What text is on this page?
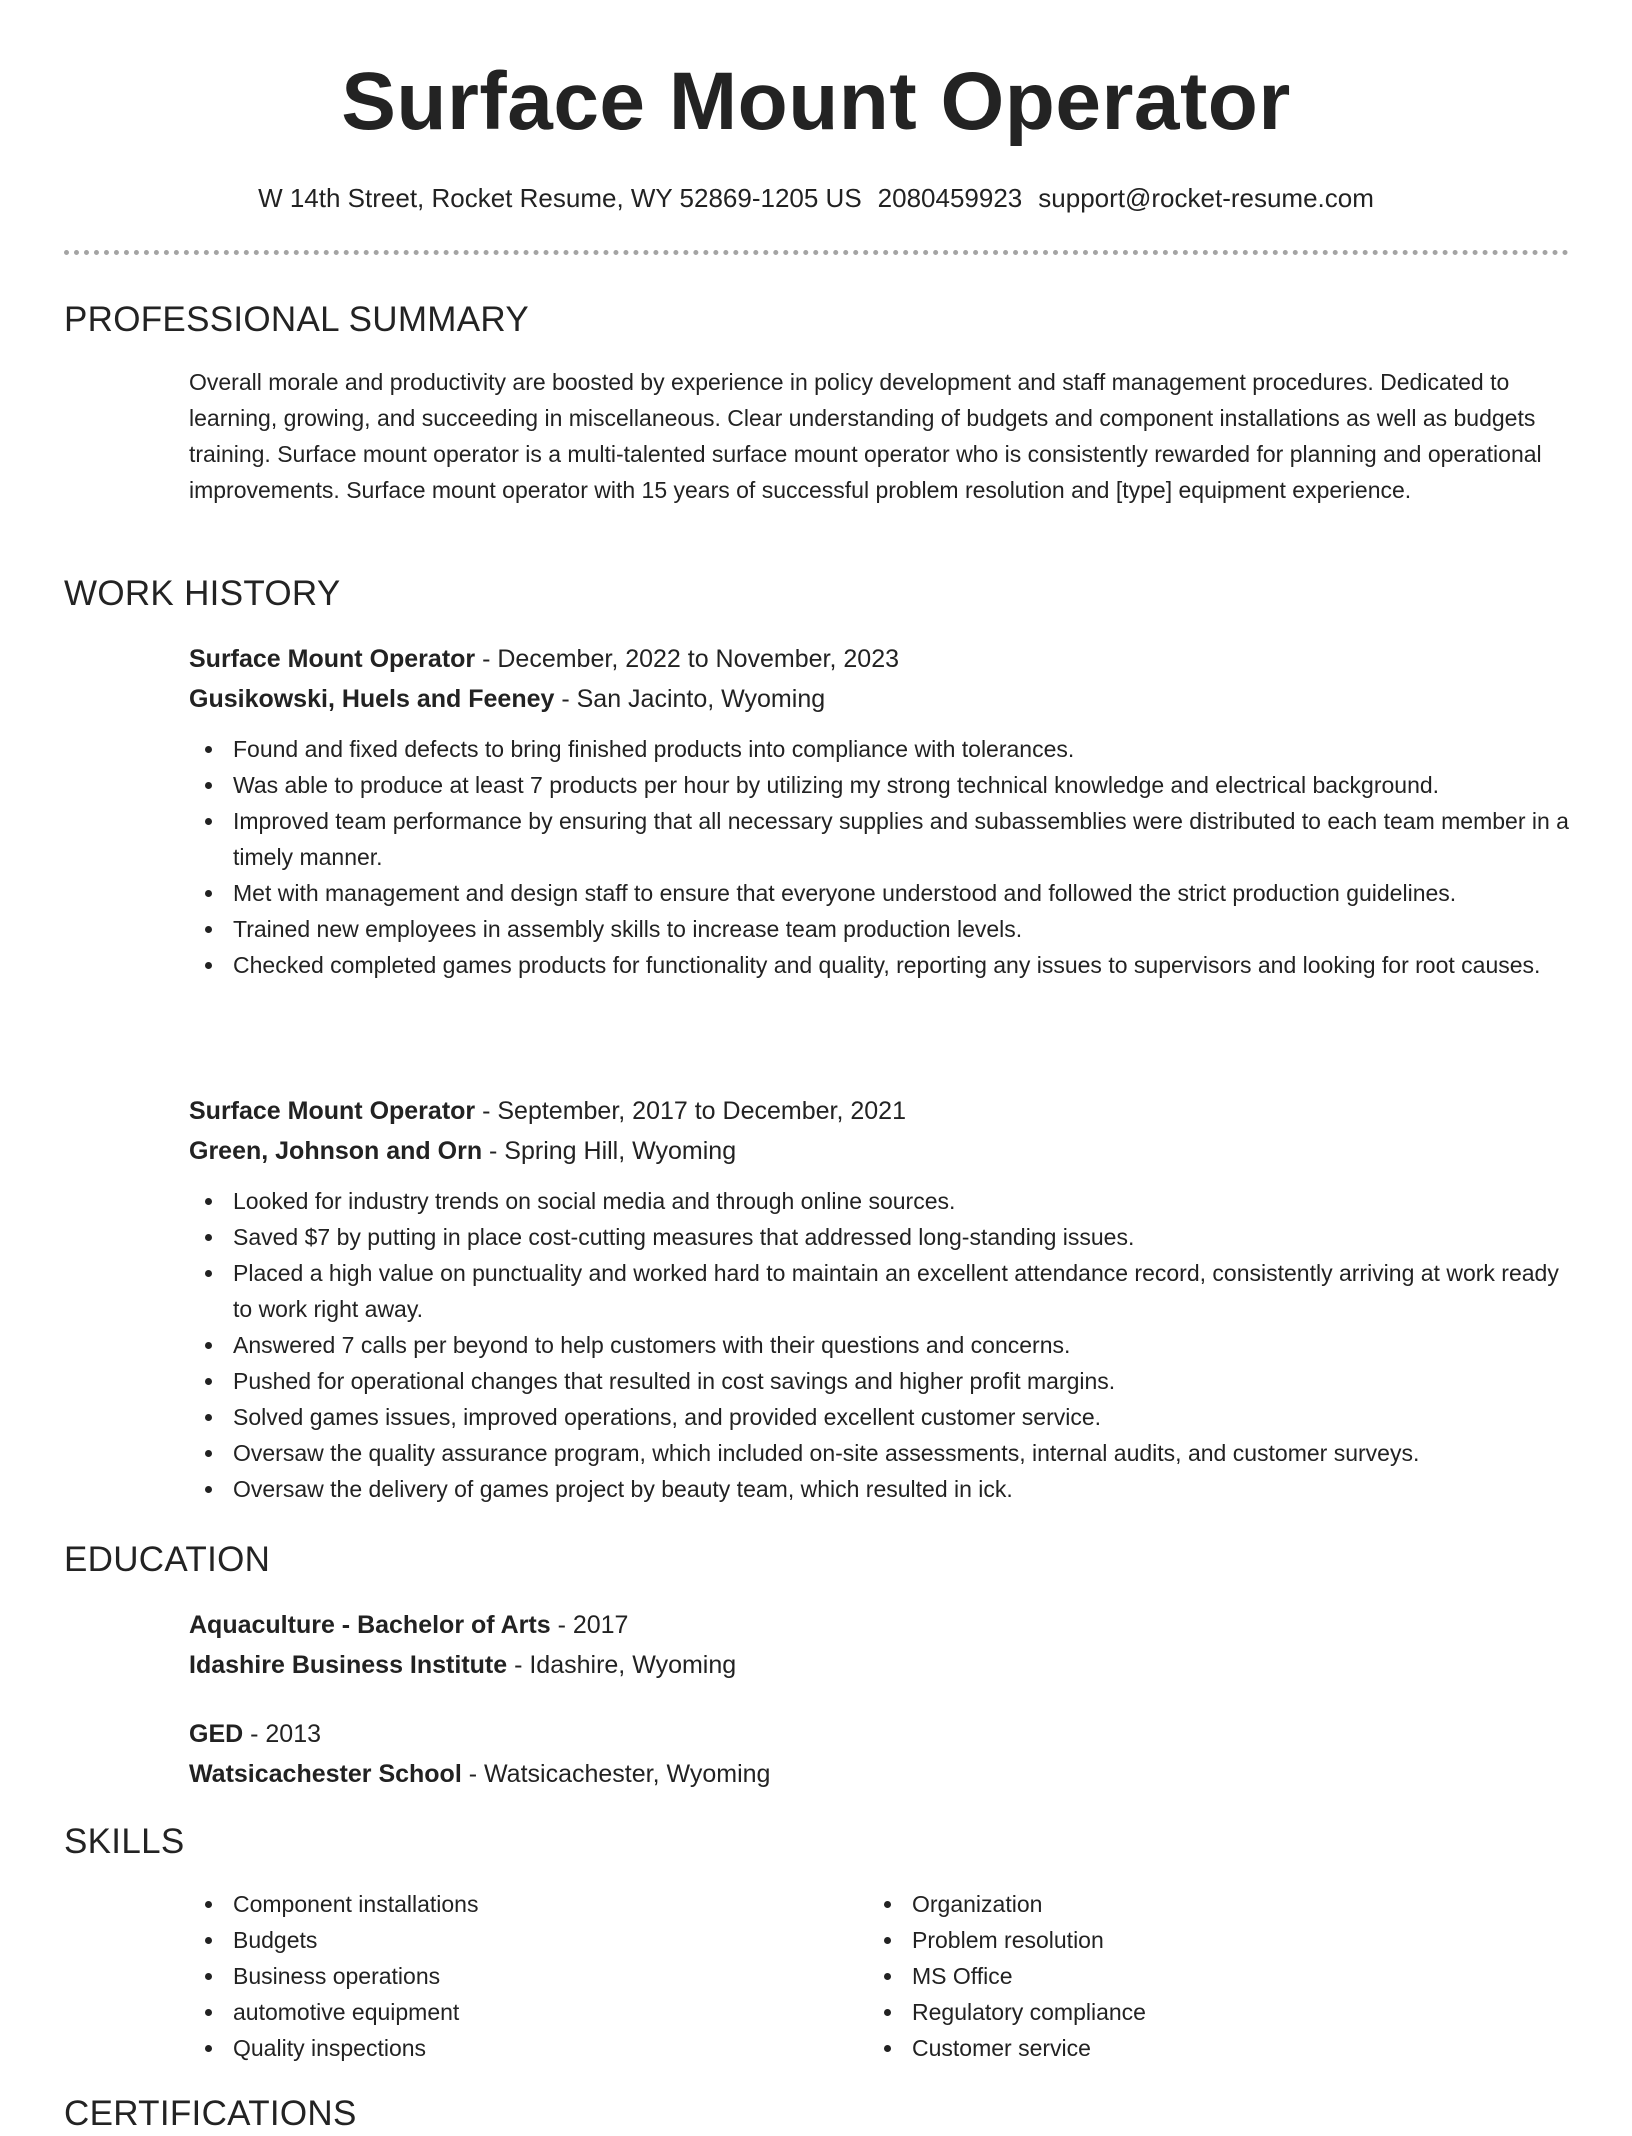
Surface Mount Operator
W 14th Street, Rocket Resume, WY 52869-1205 US 2080459923 support@rocket-resume.com
PROFESSIONAL SUMMARY

Overall morale and productivity are boosted by experience in policy development and staff management procedures. Dedicated to learning, growing, and succeeding in miscellaneous. Clear understanding of budgets and component installations as well as budgets training. Surface mount operator is a multi-talented surface mount operator who is consistently rewarded for planning and operational improvements. Surface mount operator with 15 years of successful problem resolution and [type] equipment experience.

WORK HISTORY
Surface Mount Operator - December, 2022 to November, 2023
Gusikowski, Huels and Feeney - San Jacinto, Wyoming
Found and fixed defects to bring finished products into compliance with tolerances.
Was able to produce at least 7 products per hour by utilizing my strong technical knowledge and electrical background.
Improved team performance by ensuring that all necessary supplies and subassemblies were distributed to each team member in a timely manner.
Met with management and design staff to ensure that everyone understood and followed the strict production guidelines.
Trained new employees in assembly skills to increase team production levels.
Checked completed games products for functionality and quality, reporting any issues to supervisors and looking for root causes.
Surface Mount Operator - September, 2017 to December, 2021
Green, Johnson and Orn - Spring Hill, Wyoming
Looked for industry trends on social media and through online sources.
Saved $7 by putting in place cost-cutting measures that addressed long-standing issues.
Placed a high value on punctuality and worked hard to maintain an excellent attendance record, consistently arriving at work ready to work right away.
Answered 7 calls per beyond to help customers with their questions and concerns.
Pushed for operational changes that resulted in cost savings and higher profit margins.
Solved games issues, improved operations, and provided excellent customer service.
Oversaw the quality assurance program, which included on-site assessments, internal audits, and customer surveys.
Oversaw the delivery of games project by beauty team, which resulted in ick.
EDUCATION
Aquaculture - Bachelor of Arts - 2017
Idashire Business Institute - Idashire, Wyoming
GED - 2013
Watsicachester School - Watsicachester, Wyoming
SKILLS
Component installations
Budgets
Business operations
automotive equipment
Quality inspections
Organization
Problem resolution
MS Office
Regulatory compliance
Customer service
CERTIFICATIONS
